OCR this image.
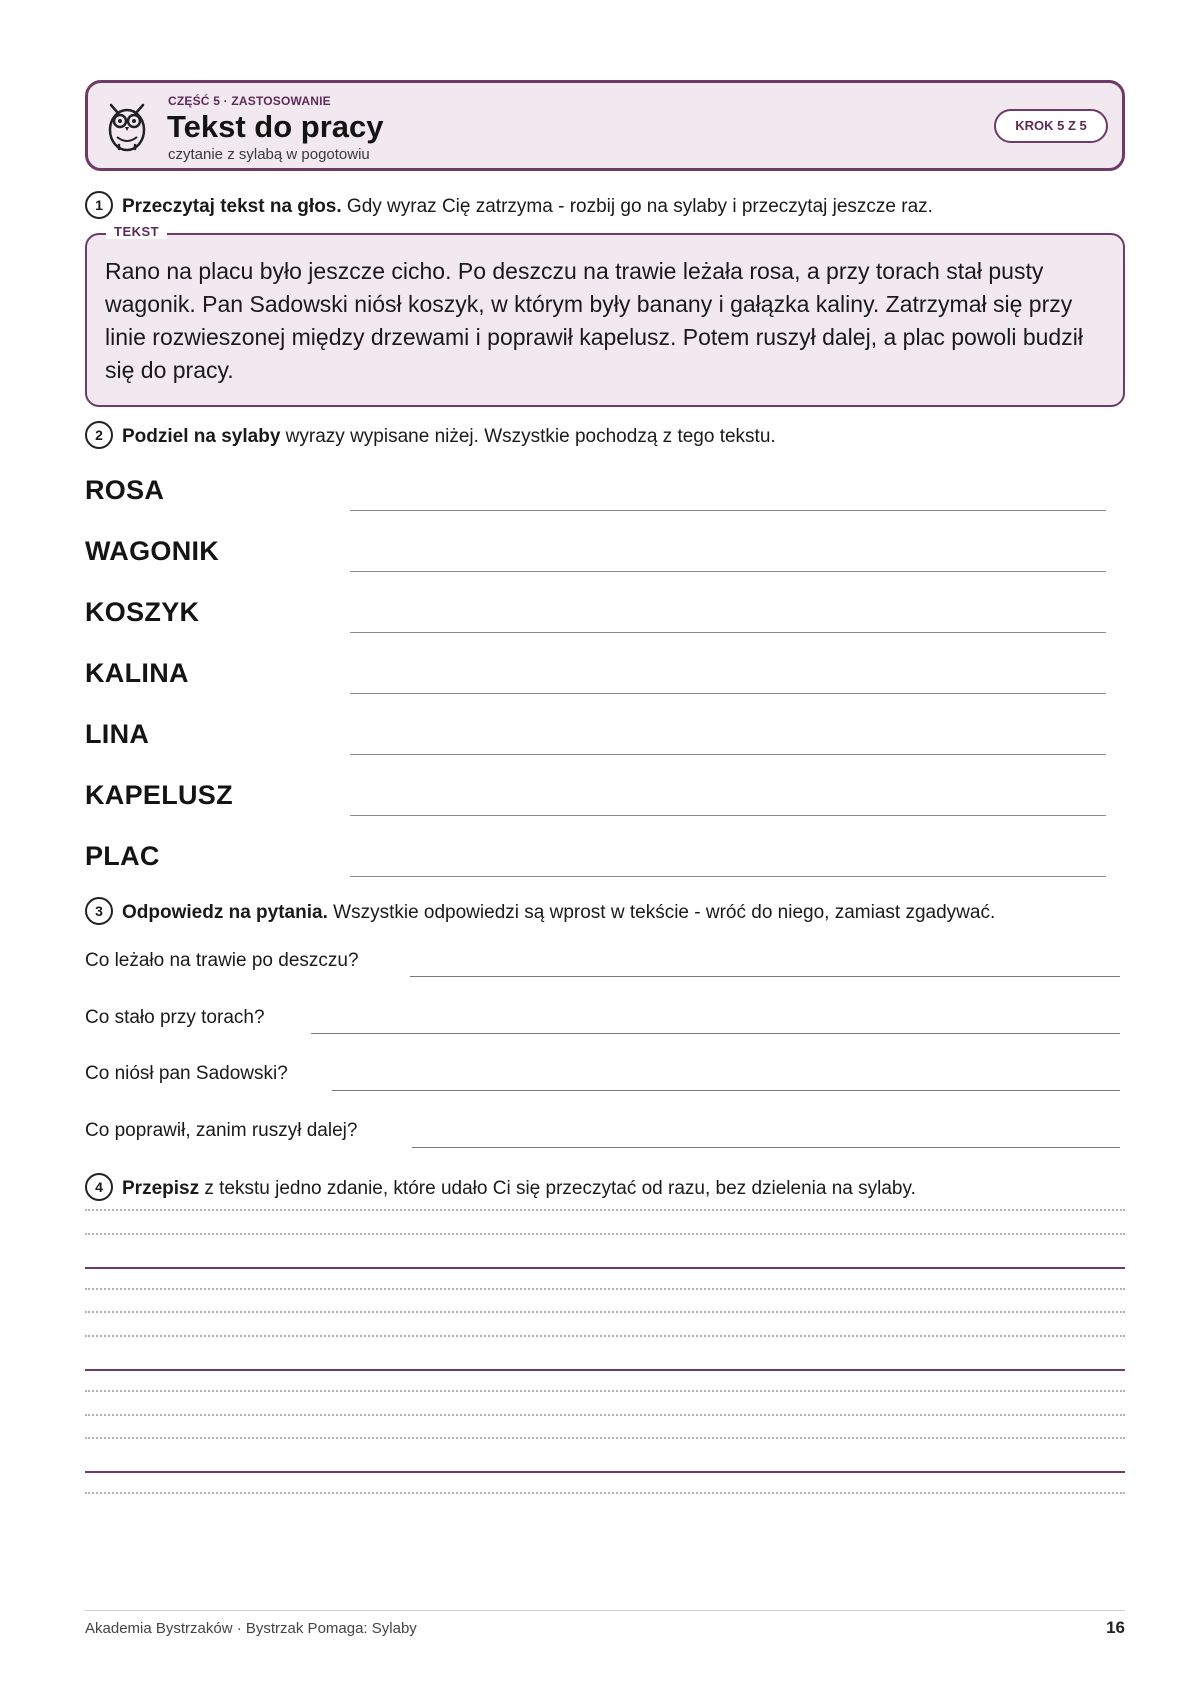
CZĘŚĆ 5 · ZASTOSOWANIE
Tekst do pracy
czytanie z sylabą w pogotowiu
KROK 5 Z 5
1 Przeczytaj tekst na głos. Gdy wyraz Cię zatrzyma - rozbij go na sylaby i przeczytaj jeszcze raz.

Rano na placu było jeszcze cicho. Po deszczu na trawie leżała rosa, a przy torach stał pusty wagonik. Pan Sadowski niósł koszyk, w którym były banany i gałązka kaliny. Zatrzymał się przy linie rozwieszonej między drzewami i poprawił kapelusz. Potem ruszył dalej, a plac powoli budził się do pracy.

TEKST
2 Podziel na sylaby wyrazy wypisane niżej. Wszystkie pochodzą z tego tekstu.
ROSA
WAGONIK
KOSZYK
KALINA
LINA
KAPELUSZ
PLAC
3 Odpowiedz na pytania. Wszystkie odpowiedzi są wprost w tekście - wróć do niego, zamiast zgadywać.
Co leżało na trawie po deszczu?
Co stało przy torach?
Co niósł pan Sadowski?
Co poprawił, zanim ruszył dalej?
4 Przepisz z tekstu jedno zdanie, które udało Ci się przeczytać od razu, bez dzielenia na sylaby.
Akademia Bystrzaków · Bystrzak Pomaga: Sylaby	16
